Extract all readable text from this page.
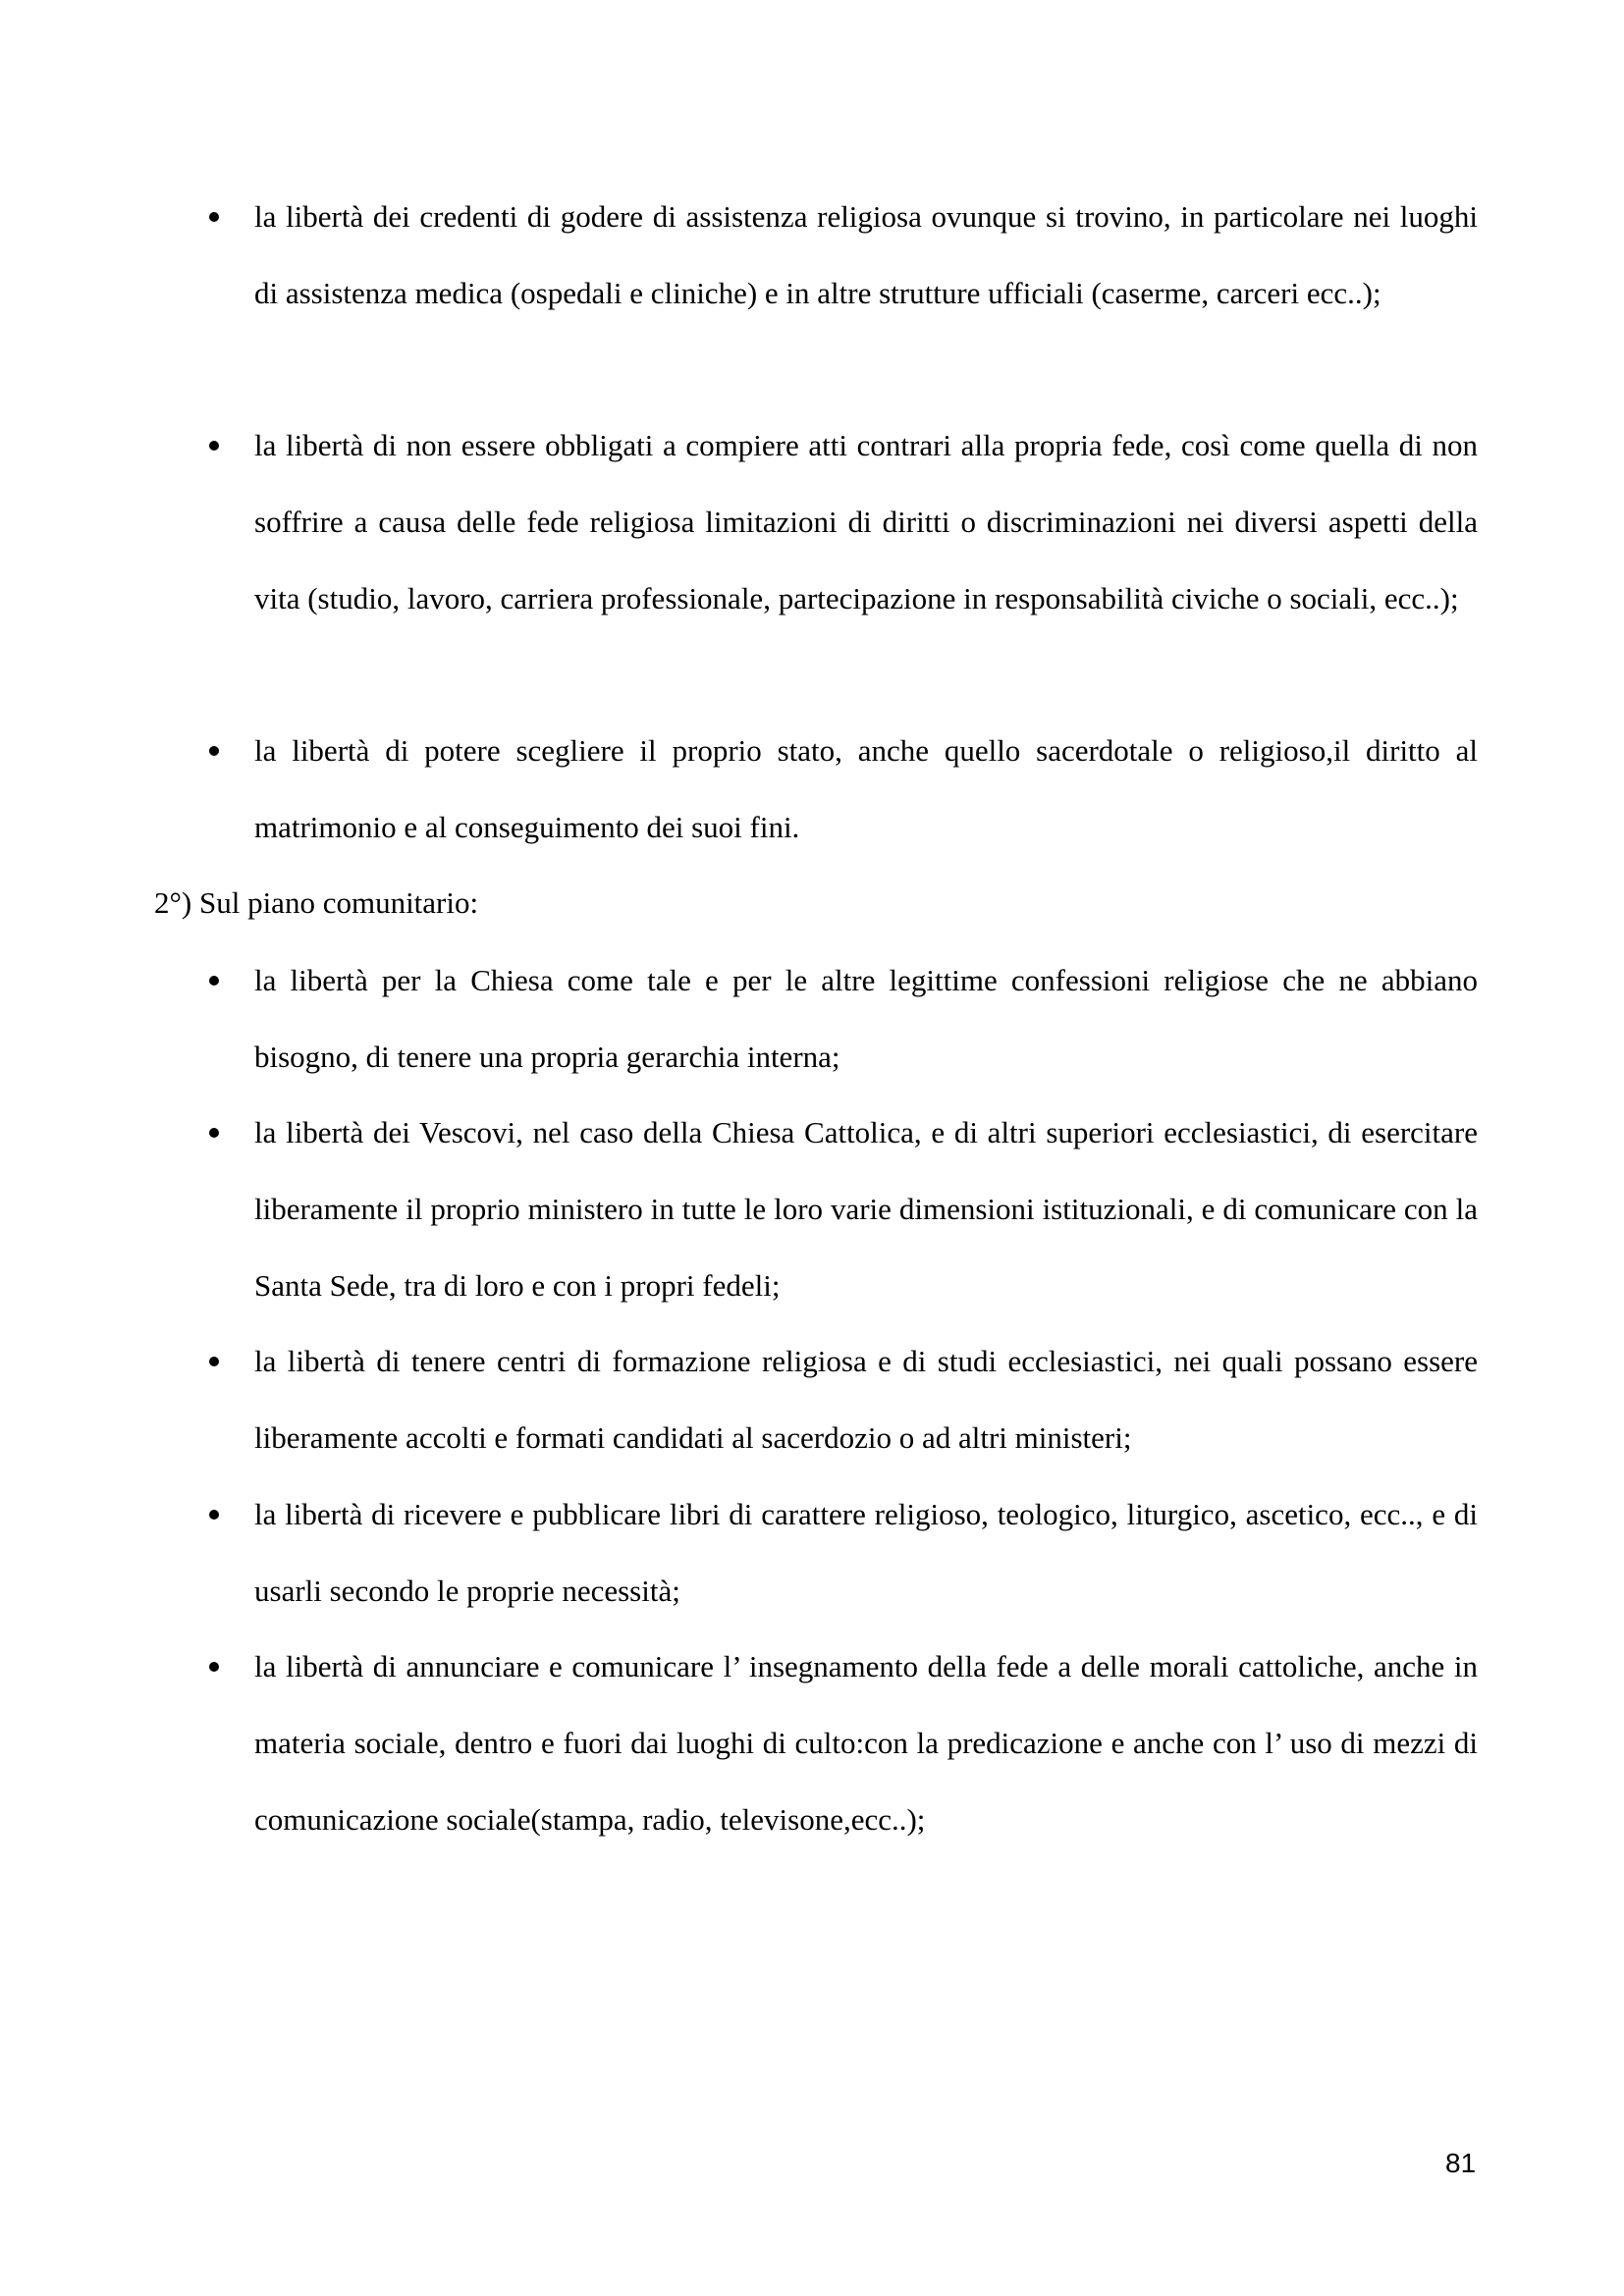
la libertà dei credenti di godere di assistenza religiosa ovunque si trovino, in particolare nei luoghi di assistenza medica (ospedali e cliniche) e in altre strutture ufficiali (caserme, carceri ecc..);
la libertà di non essere obbligati a compiere atti contrari alla propria fede, così come quella di non soffrire a causa delle fede religiosa limitazioni di diritti o discriminazioni nei diversi aspetti della vita (studio, lavoro, carriera professionale, partecipazione in responsabilità civiche o sociali, ecc..);
la libertà di potere scegliere il proprio stato, anche quello sacerdotale o religioso,il diritto al matrimonio e al conseguimento dei suoi fini.
2°) Sul piano comunitario:
la libertà per la Chiesa come tale e per le altre legittime confessioni religiose che ne abbiano bisogno, di tenere una propria gerarchia interna;
la libertà dei Vescovi, nel caso della Chiesa Cattolica, e di altri superiori ecclesiastici, di esercitare liberamente il proprio ministero in tutte le loro varie dimensioni istituzionali, e di comunicare con la Santa Sede, tra di loro e con i propri fedeli;
la libertà di tenere centri di formazione religiosa e di studi ecclesiastici, nei quali possano essere liberamente accolti e formati candidati al sacerdozio o ad altri ministeri;
la libertà di ricevere e pubblicare libri di carattere religioso, teologico, liturgico, ascetico, ecc.., e di usarli secondo le proprie necessità;
la libertà di annunciare e comunicare l’ insegnamento della fede a delle morali cattoliche, anche in materia sociale, dentro e fuori dai luoghi di culto:con la predicazione e anche con l’ uso di mezzi di comunicazione sociale(stampa, radio, televisone,ecc..);
81
